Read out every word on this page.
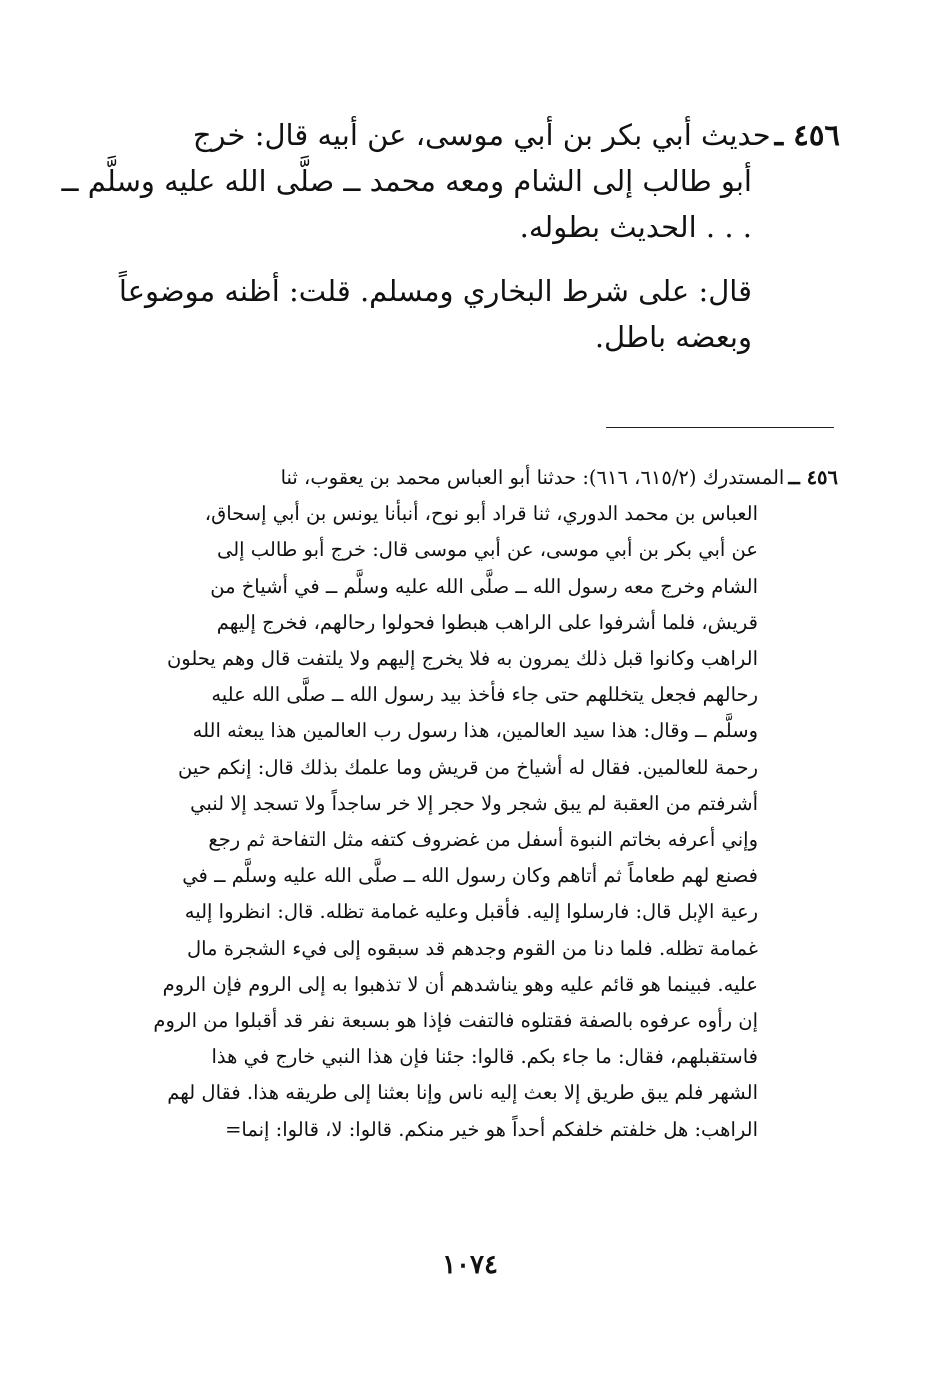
٤٥٦ ـ
حديث أبي بكر بن أبي موسى، عن أبيه قال: خرج
أبو طالب إلى الشام ومعه محمد ــ صلَّى الله عليه وسلَّم ــ
. . . الحديث بطوله.
قال: على شرط البخاري ومسلم. قلت: أظنه موضوعاً
وبعضه باطل.
٤٥٦ ــ
المستدرك (٦١٥/٢، ٦١٦): حدثنا أبو العباس محمد بن يعقوب، ثنا
العباس بن محمد الدوري، ثنا قراد أبو نوح، أنبأنا يونس بن أبي إسحاق،
عن أبي بكر بن أبي موسى، عن أبي موسى قال: خرج أبو طالب إلى
الشام وخرج معه رسول الله ــ صلَّى الله عليه وسلَّم ــ في أشياخ من
قريش، فلما أشرفوا على الراهب هبطوا فحولوا رحالهم، فخرج إليهم
الراهب وكانوا قبل ذلك يمرون به فلا يخرج إليهم ولا يلتفت قال وهم يحلون
رحالهم فجعل يتخللهم حتى جاء فأخذ بيد رسول الله ــ صلَّى الله عليه
وسلَّم ــ وقال: هذا سيد العالمين، هذا رسول رب العالمين هذا يبعثه الله
رحمة للعالمين. فقال له أشياخ من قريش وما علمك بذلك قال: إنكم حين
أشرفتم من العقبة لم يبق شجر ولا حجر إلا خر ساجداً ولا تسجد إلا لنبي
وإني أعرفه بخاتم النبوة أسفل من غضروف كتفه مثل التفاحة ثم رجع
فصنع لهم طعاماً ثم أتاهم وكان رسول الله ــ صلَّى الله عليه وسلَّم ــ في
رعية الإبل قال: فارسلوا إليه. فأقبل وعليه غمامة تظله. قال: انظروا إليه
غمامة تظله. فلما دنا من القوم وجدهم قد سبقوه إلى فيء الشجرة مال
عليه. فبينما هو قائم عليه وهو يناشدهم أن لا تذهبوا به إلى الروم فإن الروم
إن رأوه عرفوه بالصفة فقتلوه فالتفت فإذا هو بسبعة نفر قد أقبلوا من الروم
فاستقبلهم، فقال: ما جاء بكم. قالوا: جئنا فإن هذا النبي خارج في هذا
الشهر فلم يبق طريق إلا بعث إليه ناس وإنا بعثنا إلى طريقه هذا. فقال لهم
الراهب: هل خلفتم خلفكم أحداً هو خير منكم. قالوا: لا، قالوا: إنما=
١٠٧٤
